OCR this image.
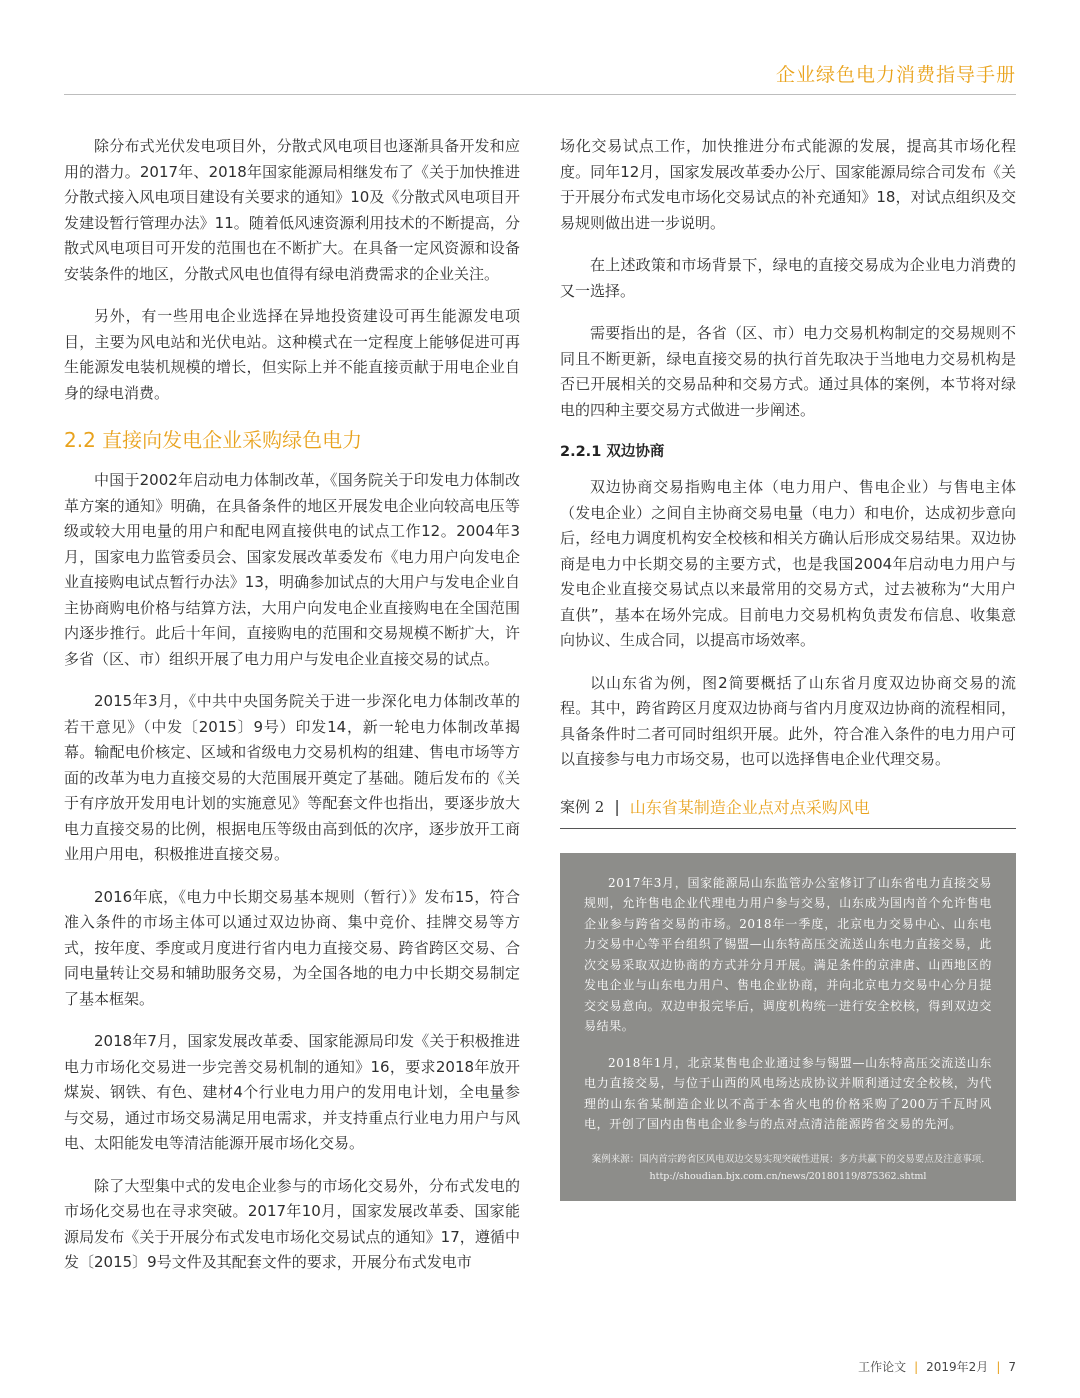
企业绿色电力消费指导手册

除分布式光伏发电项目外，分散式风电项目也逐渐具备开发和应用的潜力。2017年、2018年国家能源局相继发布了《关于加快推进分散式接入风电项目建设有关要求的通知》10及《分散式风电项目开发建设暂行管理办法》11。随着低风速资源利用技术的不断提高，分散式风电项目可开发的范围也在不断扩大。在具备一定风资源和设备安装条件的地区，分散式风电也值得有绿电消费需求的企业关注。

另外，有一些用电企业选择在异地投资建设可再生能源发电项目，主要为风电站和光伏电站。这种模式在一定程度上能够促进可再生能源发电装机规模的增长，但实际上并不能直接贡献于用电企业自身的绿电消费。

2.2 直接向发电企业采购绿色电力

中国于2002年启动电力体制改革，《国务院关于印发电力体制改革方案的通知》明确，在具备条件的地区开展发电企业向较高电压等级或较大用电量的用户和配电网直接供电的试点工作12。2004年3月，国家电力监管委员会、国家发展改革委发布《电力用户向发电企业直接购电试点暂行办法》13，明确参加试点的大用户与发电企业自主协商购电价格与结算方法，大用户向发电企业直接购电在全国范围内逐步推行。此后十年间，直接购电的范围和交易规模不断扩大，许多省（区、市）组织开展了电力用户与发电企业直接交易的试点。

2015年3月，《中共中央国务院关于进一步深化电力体制改革的若干意见》（中发〔2015〕9号）印发14，新一轮电力体制改革揭幕。输配电价核定、区域和省级电力交易机构的组建、售电市场等方面的改革为电力直接交易的大范围展开奠定了基础。随后发布的《关于有序放开发用电计划的实施意见》等配套文件也指出，要逐步放大电力直接交易的比例，根据电压等级由高到低的次序，逐步放开工商业用户用电，积极推进直接交易。

2016年底，《电力中长期交易基本规则（暂行）》发布15，符合准入条件的市场主体可以通过双边协商、集中竞价、挂牌交易等方式，按年度、季度或月度进行省内电力直接交易、跨省跨区交易、合同电量转让交易和辅助服务交易，为全国各地的电力中长期交易制定了基本框架。

2018年7月，国家发展改革委、国家能源局印发《关于积极推进电力市场化交易进一步完善交易机制的通知》16，要求2018年放开煤炭、钢铁、有色、建材4个行业电力用户的发用电计划，全电量参与交易，通过市场交易满足用电需求，并支持重点行业电力用户与风电、太阳能发电等清洁能源开展市场化交易。

除了大型集中式的发电企业参与的市场化交易外，分布式发电的市场化交易也在寻求突破。2017年10月，国家发展改革委、国家能源局发布《关于开展分布式发电市场化交易试点的通知》17，遵循中发〔2015〕9号文件及其配套文件的要求，开展分布式发电市

场化交易试点工作，加快推进分布式能源的发展，提高其市场化程度。同年12月，国家发展改革委办公厅、国家能源局综合司发布《关于开展分布式发电市场化交易试点的补充通知》18，对试点组织及交易规则做出进一步说明。

在上述政策和市场背景下，绿电的直接交易成为企业电力消费的又一选择。

需要指出的是，各省（区、市）电力交易机构制定的交易规则不同且不断更新，绿电直接交易的执行首先取决于当地电力交易机构是否已开展相关的交易品种和交易方式。通过具体的案例，本节将对绿电的四种主要交易方式做进一步阐述。

2.2.1 双边协商

双边协商交易指购电主体（电力用户、售电企业）与售电主体（发电企业）之间自主协商交易电量（电力）和电价，达成初步意向后，经电力调度机构安全校核和相关方确认后形成交易结果。双边协商是电力中长期交易的主要方式，也是我国2004年启动电力用户与发电企业直接交易试点以来最常用的交易方式，过去被称为“大用户直供”，基本在场外完成。目前电力交易机构负责发布信息、收集意向协议、生成合同，以提高市场效率。

以山东省为例，图2简要概括了山东省月度双边协商交易的流程。其中，跨省跨区月度双边协商与省内月度双边协商的流程相同，具备条件时二者可同时组织开展。此外，符合准入条件的电力用户可以直接参与电力市场交易，也可以选择售电企业代理交易。

案例 2 | 山东省某制造企业点对点采购风电

2017年3月，国家能源局山东监管办公室修订了山东省电力直接交易规则，允许售电企业代理电力用户参与交易，山东成为国内首个允许售电企业参与跨省交易的市场。2018年一季度，北京电力交易中心、山东电力交易中心等平台组织了锡盟—山东特高压交流送山东电力直接交易，此次交易采取双边协商的方式并分月开展。满足条件的京津唐、山西地区的发电企业与山东电力用户、售电企业协商，并向北京电力交易中心分月提交交易意向。双边申报完毕后，调度机构统一进行安全校核，得到双边交易结果。

2018年1月，北京某售电企业通过参与锡盟—山东特高压交流送山东电力直接交易，与位于山西的风电场达成协议并顺利通过安全校核，为代理的山东省某制造企业以不高于本省火电的价格采购了200万千瓦时风电，开创了国内由售电企业参与的点对点清洁能源跨省交易的先河。

案例来源：国内首宗跨省区风电双边交易实现突破性进展：多方共赢下的交易要点及注意事项. http://shoudian.bjx.com.cn/news/20180119/875362.shtml
工作论文 | 2019年2月 | 7
